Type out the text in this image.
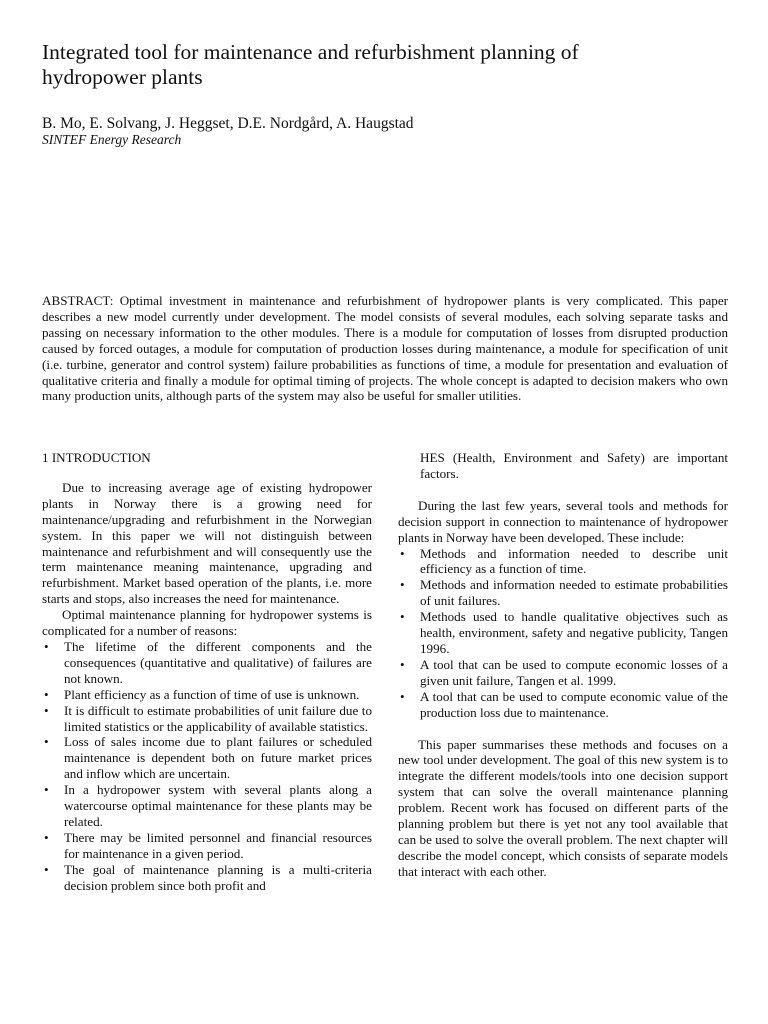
Integrated tool for maintenance and refurbishment planning of hydropower plants
B. Mo, E. Solvang, J. Heggset, D.E. Nordgård, A. Haugstad
SINTEF Energy Research

ABSTRACT: Optimal investment in maintenance and refurbishment of hydropower plants is very complicated. This paper describes a new model currently under development. The model consists of several modules, each solving separate tasks and passing on necessary information to the other modules. There is a module for computation of losses from disrupted production caused by forced outages, a module for computation of production losses during maintenance, a module for specification of unit (i.e. turbine, generator and control system) failure probabilities as functions of time, a module for presentation and evaluation of qualitative criteria and finally a module for optimal timing of projects. The whole concept is adapted to decision makers who own many production units, although parts of the system may also be useful for smaller utilities.

1 INTRODUCTION

Due to increasing average age of existing hydropower plants in Norway there is a growing need for maintenance/upgrading and refurbishment in the Norwegian system. In this paper we will not distinguish between maintenance and refurbishment and will consequently use the term maintenance meaning maintenance, upgrading and refurbishment. Market based operation of the plants, i.e. more starts and stops, also increases the need for maintenance.

Optimal maintenance planning for hydropower systems is complicated for a number of reasons:

• The lifetime of the different components and the consequences (quantitative and qualitative) of failures are not known.
• Plant efficiency as a function of time of use is unknown.
• It is difficult to estimate probabilities of unit failure due to limited statistics or the applicability of available statistics.
• Loss of sales income due to plant failures or scheduled maintenance is dependent both on future market prices and inflow which are uncertain.
• In a hydropower system with several plants along a watercourse optimal maintenance for these plants may be related.
• There may be limited personnel and financial resources for maintenance in a given period.
• The goal of maintenance planning is a multi-criteria decision problem since both profit and
HES (Health, Environment and Safety) are important factors.

During the last few years, several tools and methods for decision support in connection to maintenance of hydropower plants in Norway have been developed. These include:

• Methods and information needed to describe unit efficiency as a function of time.
• Methods and information needed to estimate probabilities of unit failures.
• Methods used to handle qualitative objectives such as health, environment, safety and negative publicity, Tangen 1996.
• A tool that can be used to compute economic losses of a given unit failure, Tangen et al. 1999.
• A tool that can be used to compute economic value of the production loss due to maintenance.

This paper summarises these methods and focuses on a new tool under development. The goal of this new system is to integrate the different models/tools into one decision support system that can solve the overall maintenance planning problem. Recent work has focused on different parts of the planning problem but there is yet not any tool available that can be used to solve the overall problem. The next chapter will describe the model concept, which consists of separate models that interact with each other.
